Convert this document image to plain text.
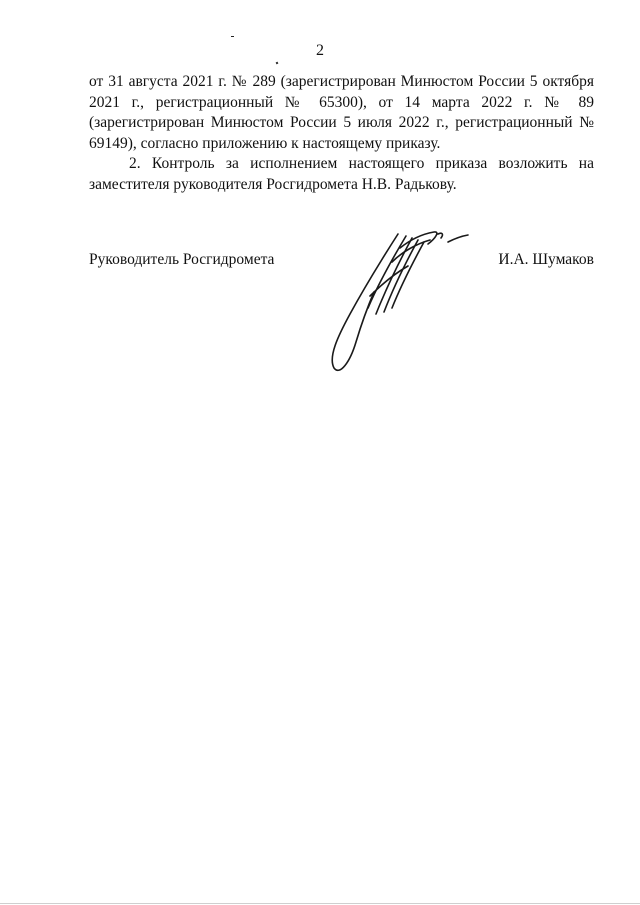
2

от 31 августа 2021 г. № 289 (зарегистрирован Минюстом России 5 октября 2021 г., регистрационный № 65300), от 14 марта 2022 г. № 89 (зарегистрирован Минюстом России 5 июля 2022 г., регистрационный № 69149), согласно приложению к настоящему приказу.

2. Контроль за исполнением настоящего приказа возложить на заместителя руководителя Росгидромета Н.В. Радькову.

Руководитель Росгидромета	И.А. Шумаков
